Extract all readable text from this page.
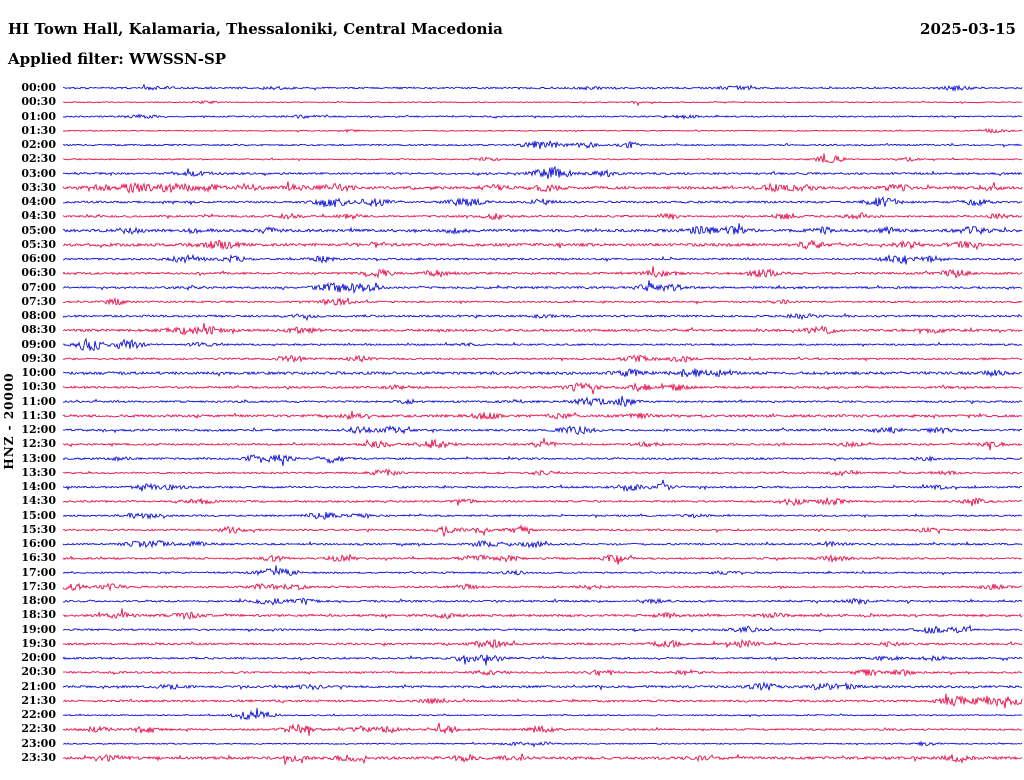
HI Town Hall, Kalamaria, Thessaloniki, Central Macedonia	2025-03-15
Applied filter: WWSSN-SP
HNZ - 20000
00:00
00:30
01:00
01:30
02:00
02:30
03:00
03:30
04:00
04:30
05:00
05:30
06:00
06:30
07:00
07:30
08:00
08:30
09:00
09:30
10:00
10:30
11:00
11:30
12:00
12:30
13:00
13:30
14:00
14:30
15:00
15:30
16:00
16:30
17:00
17:30
18:00
18:30
19:00
19:30
20:00
20:30
21:00
21:30
22:00
22:30
23:00
23:30
